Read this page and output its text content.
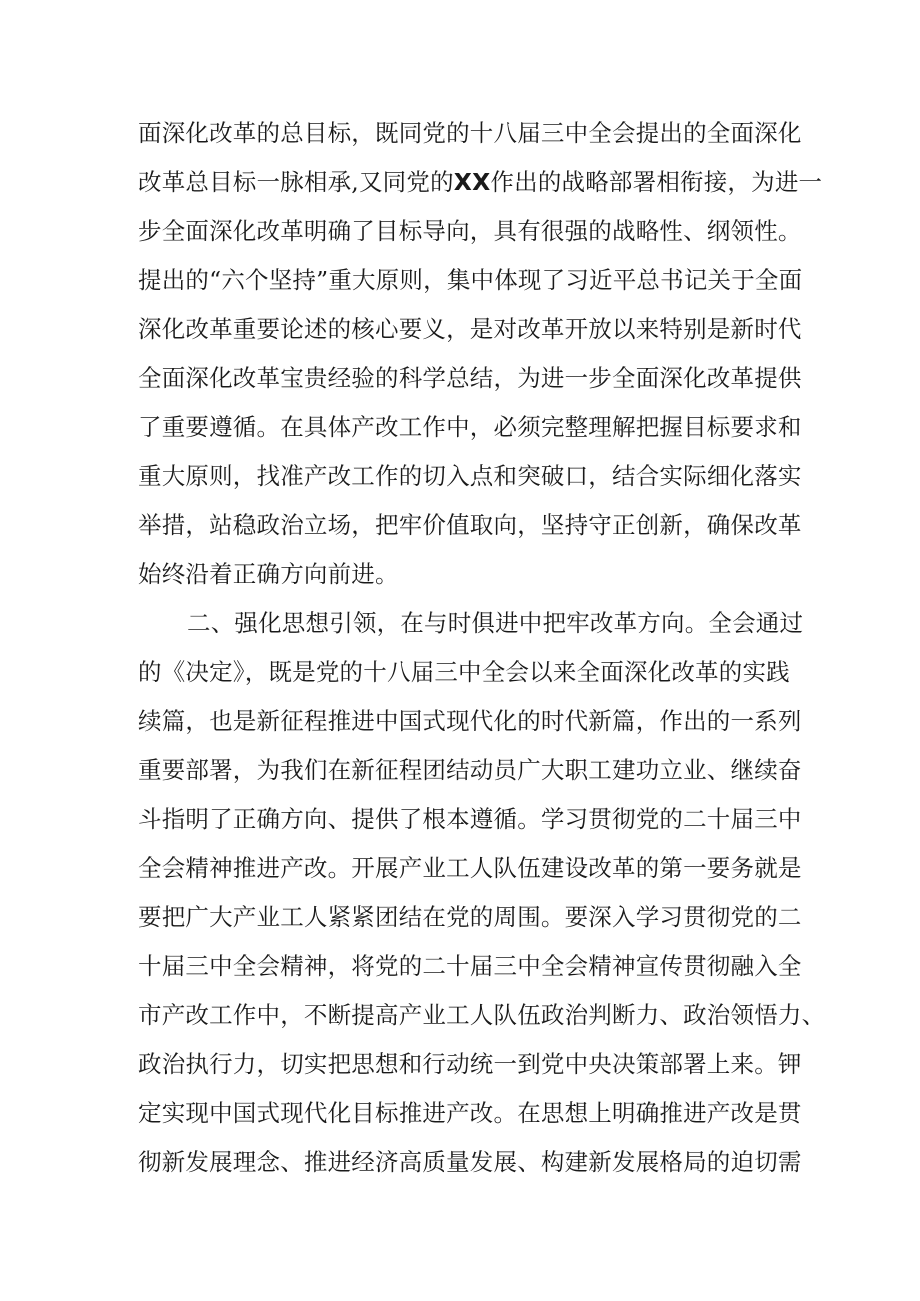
面深化改革的总目标，既同党的十八届三中全会提出的全面深化
改革总目标一脉相承,又同党的XX作出的战略部署相衔接，为进一
步全面深化改革明确了目标导向，具有很强的战略性、纲领性。
提出的“六个坚持”重大原则，集中体现了习近平总书记关于全面
深化改革重要论述的核心要义，是对改革开放以来特别是新时代
全面深化改革宝贵经验的科学总结，为进一步全面深化改革提供
了重要遵循。在具体产改工作中，必须完整理解把握目标要求和
重大原则，找准产改工作的切入点和突破口，结合实际细化落实
举措，站稳政治立场，把牢价值取向，坚持守正创新，确保改革
始终沿着正确方向前进。
二、强化思想引领，在与时俱进中把牢改革方向。全会通过
的《决定》，既是党的十八届三中全会以来全面深化改革的实践
续篇，也是新征程推进中国式现代化的时代新篇，作出的一系列
重要部署，为我们在新征程团结动员广大职工建功立业、继续奋
斗指明了正确方向、提供了根本遵循。学习贯彻党的二十届三中
全会精神推进产改。开展产业工人队伍建设改革的第一要务就是
要把广大产业工人紧紧团结在党的周围。要深入学习贯彻党的二
十届三中全会精神，将党的二十届三中全会精神宣传贯彻融入全
市产改工作中，不断提高产业工人队伍政治判断力、政治领悟力、
政治执行力，切实把思想和行动统一到党中央决策部署上来。钾
定实现中国式现代化目标推进产改。在思想上明确推进产改是贯
彻新发展理念、推进经济高质量发展、构建新发展格局的迫切需
